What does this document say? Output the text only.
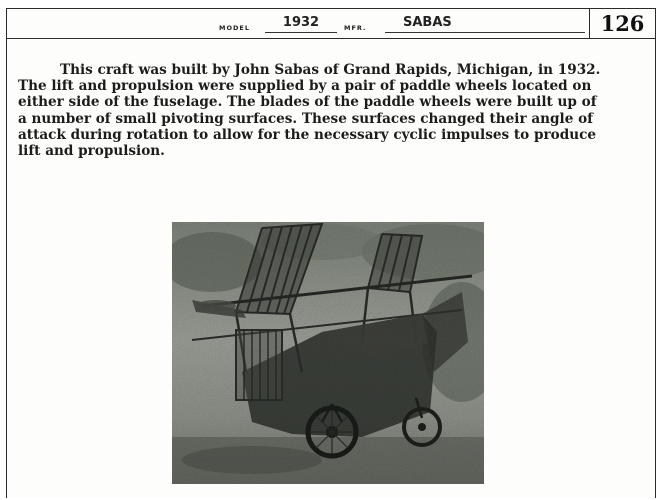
MODEL	1932	MFR.	SABAS	126
This craft was built by John Sabas of Grand Rapids, Michigan, in 1932.
The lift and propulsion were supplied by a pair of paddle wheels located on
either side of the fuselage. The blades of the paddle wheels were built up of
a number of small pivoting surfaces. These surfaces changed their angle of
attack during rotation to allow for the necessary cyclic impulses to produce
lift and propulsion.
